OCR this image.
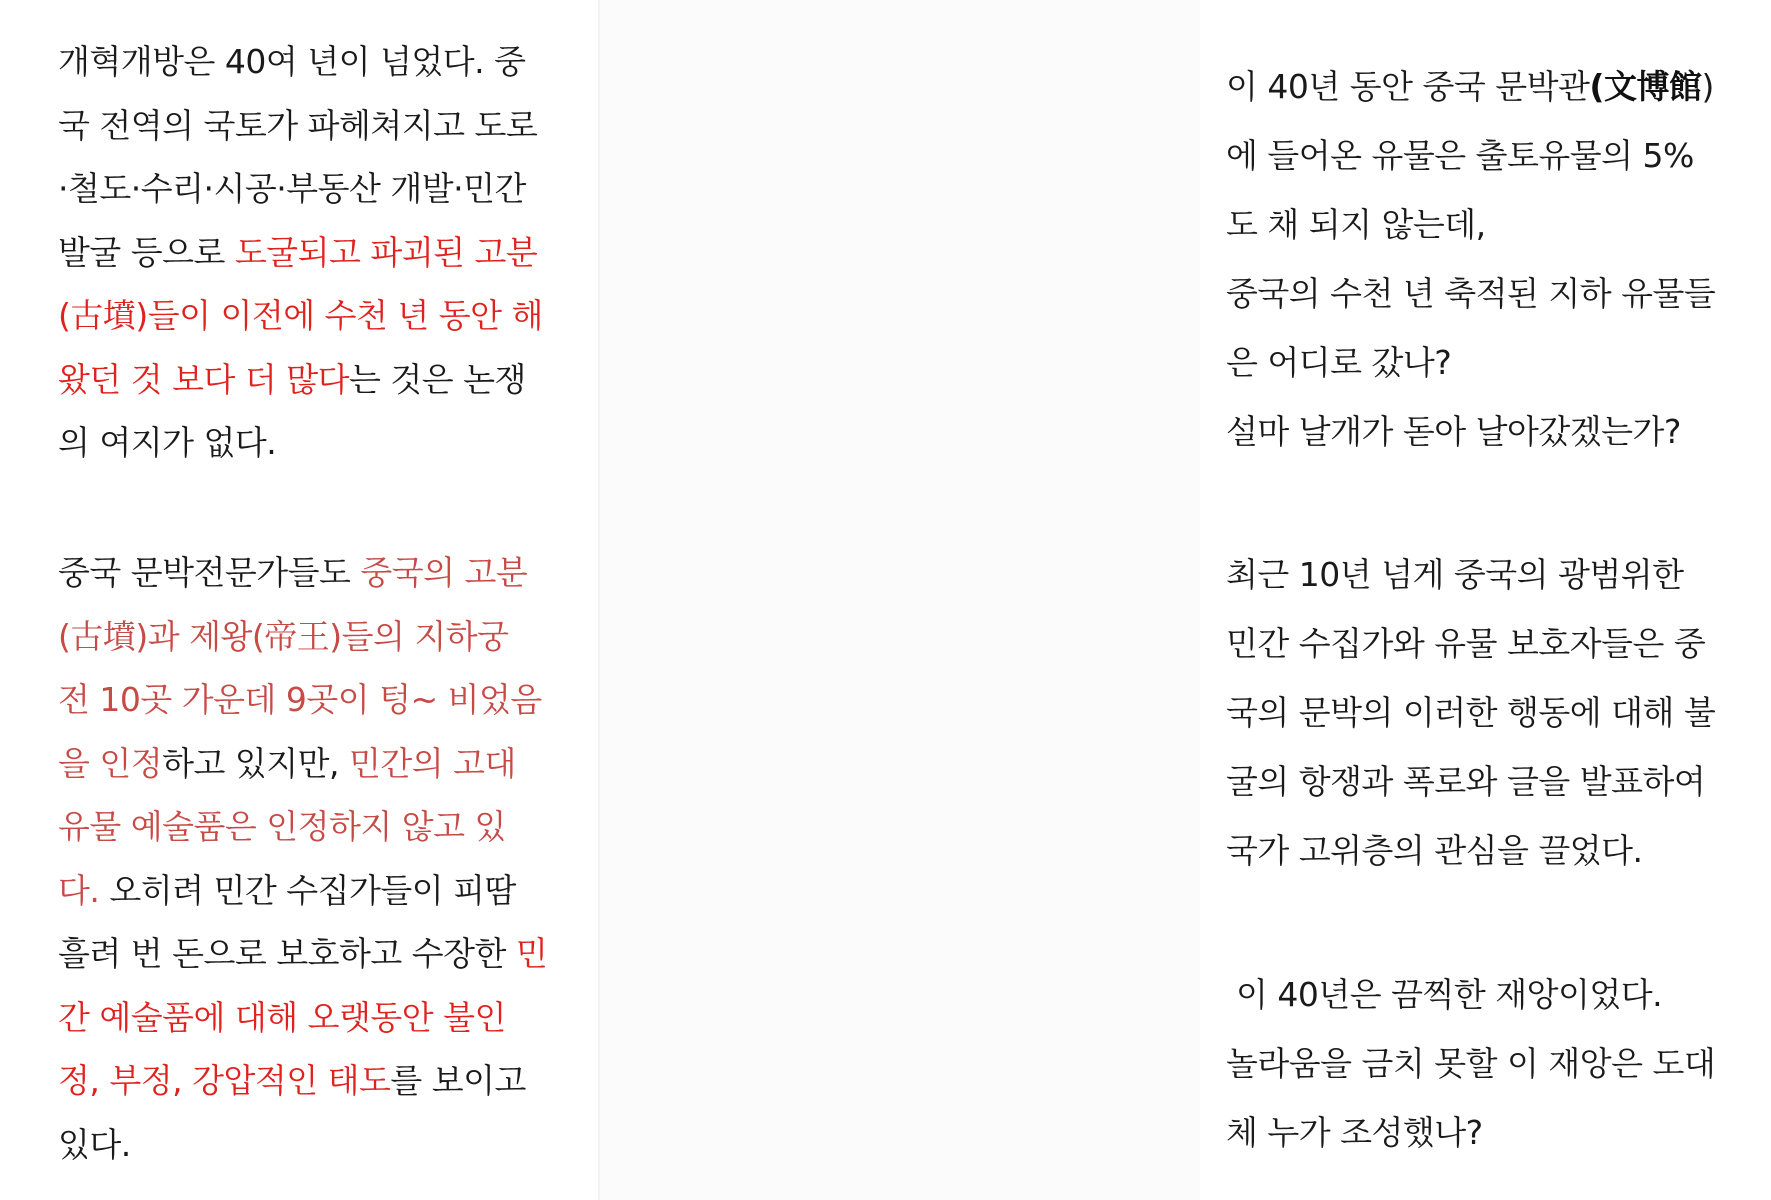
개혁개방은 40여 년이 넘었다. 중
국 전역의 국토가 파헤쳐지고 도로
·철도·수리·시공·부동산 개발·민간
발굴 등으로 도굴되고 파괴된 고분
(古墳)들이 이전에 수천 년 동안 해
왔던 것 보다 더 많다는 것은 논쟁
의 여지가 없다.
중국 문박전문가들도 중국의 고분
(古墳)과 제왕(帝王)들의 지하궁
전 10곳 가운데 9곳이 텅~ 비었음
을 인정하고 있지만, 민간의 고대
유물 예술품은 인정하지 않고 있
다. 오히려 민간 수집가들이 피땀
흘려 번 돈으로 보호하고 수장한 민
간 예술품에 대해 오랫동안 불인
정, 부정, 강압적인 태도를 보이고
있다.
이 40년 동안 중국 문박관(文博館)
에 들어온 유물은 출토유물의 5%
도 채 되지 않는데,
중국의 수천 년 축적된 지하 유물들
은 어디로 갔나?
설마 날개가 돋아 날아갔겠는가?
최근 10년 넘게 중국의 광범위한
민간 수집가와 유물 보호자들은 중
국의 문박의 이러한 행동에 대해 불
굴의 항쟁과 폭로와 글을 발표하여
국가 고위층의 관심을 끌었다.
이 40년은 끔찍한 재앙이었다.
놀라움을 금치 못할 이 재앙은 도대
체 누가 조성했나?
